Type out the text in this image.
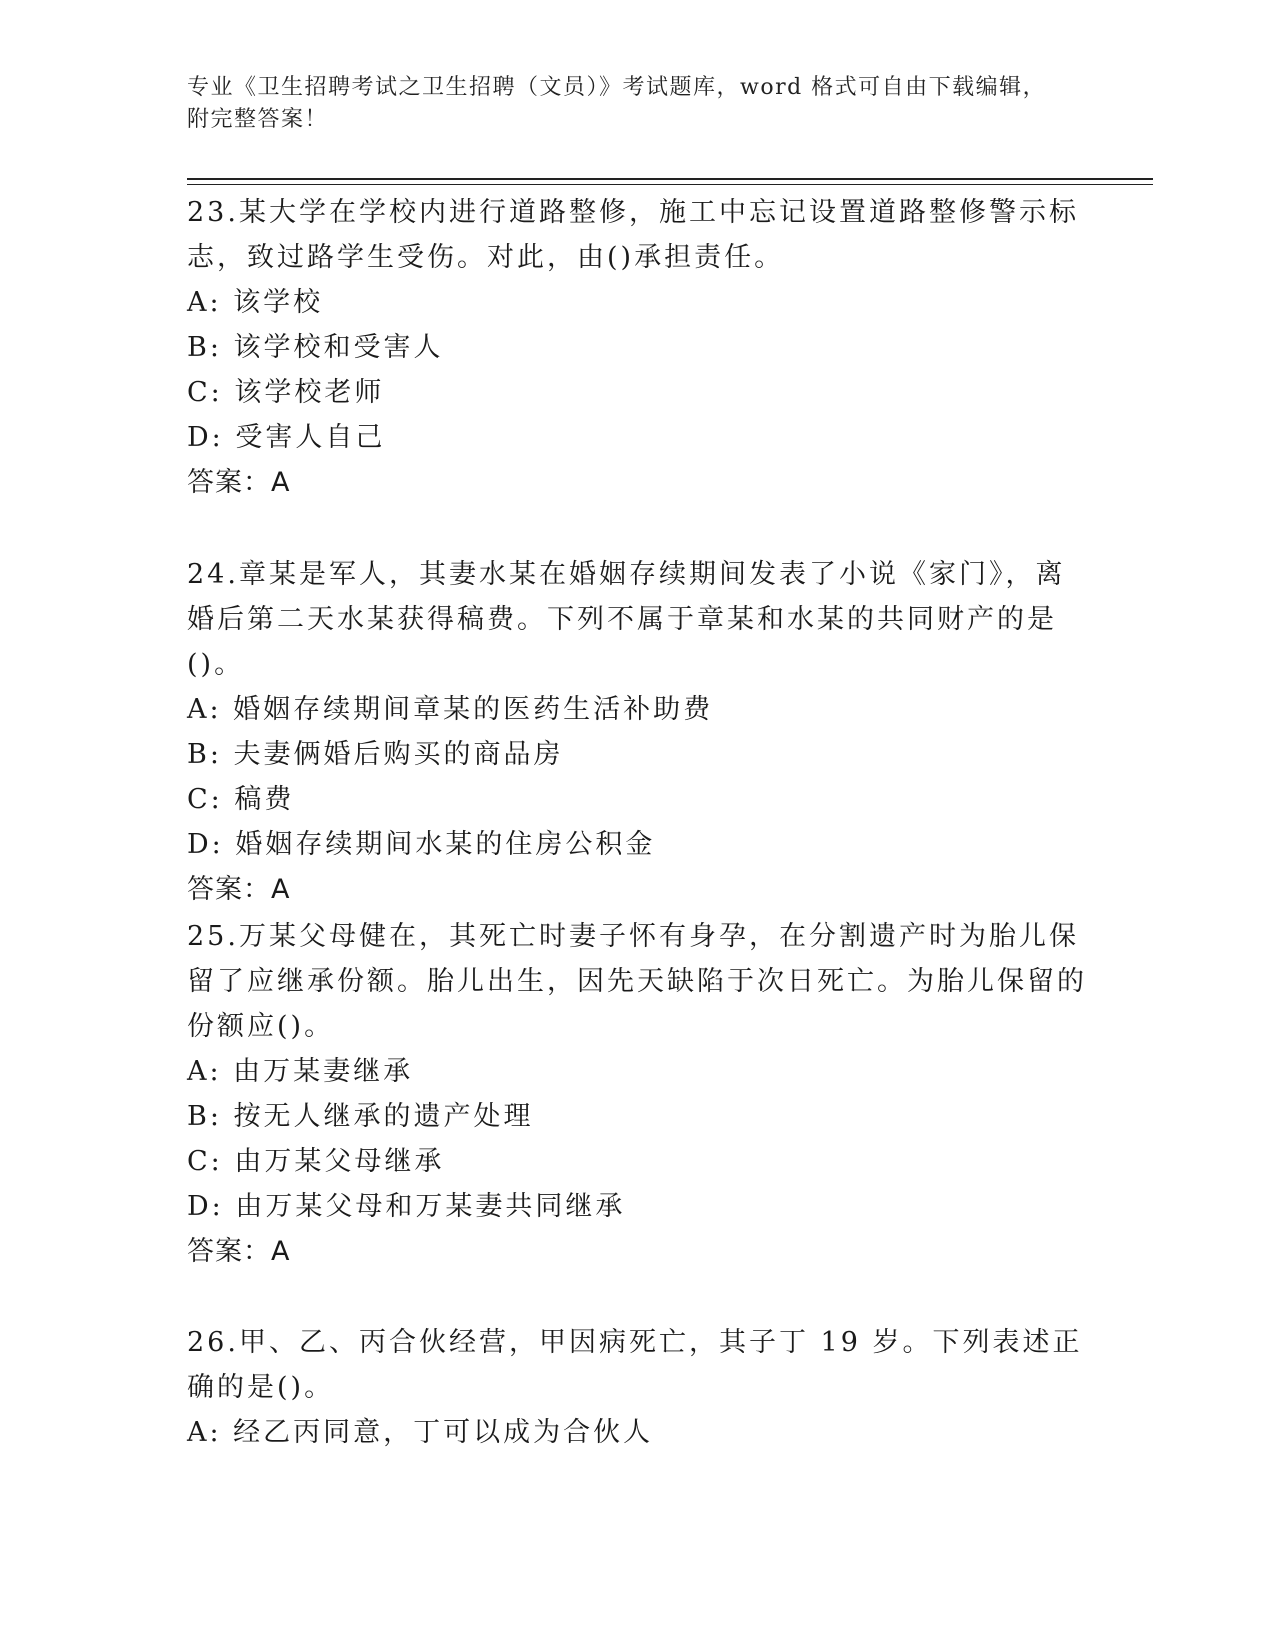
专业《卫生招聘考试之卫生招聘（文员）》考试题库，word 格式可自由下载编辑，附完整答案！

23.某大学在学校内进行道路整修，施工中忘记设置道路整修警示标志，致过路学生受伤。对此，由()承担责任。

A: 该学校

B: 该学校和受害人

C: 该学校老师

D: 受害人自己

答案：A

24.章某是军人，其妻水某在婚姻存续期间发表了小说《家门》，离婚后第二天水某获得稿费。下列不属于章某和水某的共同财产的是()。

A: 婚姻存续期间章某的医药生活补助费

B: 夫妻俩婚后购买的商品房

C: 稿费

D: 婚姻存续期间水某的住房公积金

答案：A

25.万某父母健在，其死亡时妻子怀有身孕，在分割遗产时为胎儿保留了应继承份额。胎儿出生，因先天缺陷于次日死亡。为胎儿保留的份额应()。

A: 由万某妻继承

B: 按无人继承的遗产处理

C: 由万某父母继承

D: 由万某父母和万某妻共同继承

答案：A

26.甲、乙、丙合伙经营，甲因病死亡，其子丁 19 岁。下列表述正确的是()。

A: 经乙丙同意，丁可以成为合伙人
